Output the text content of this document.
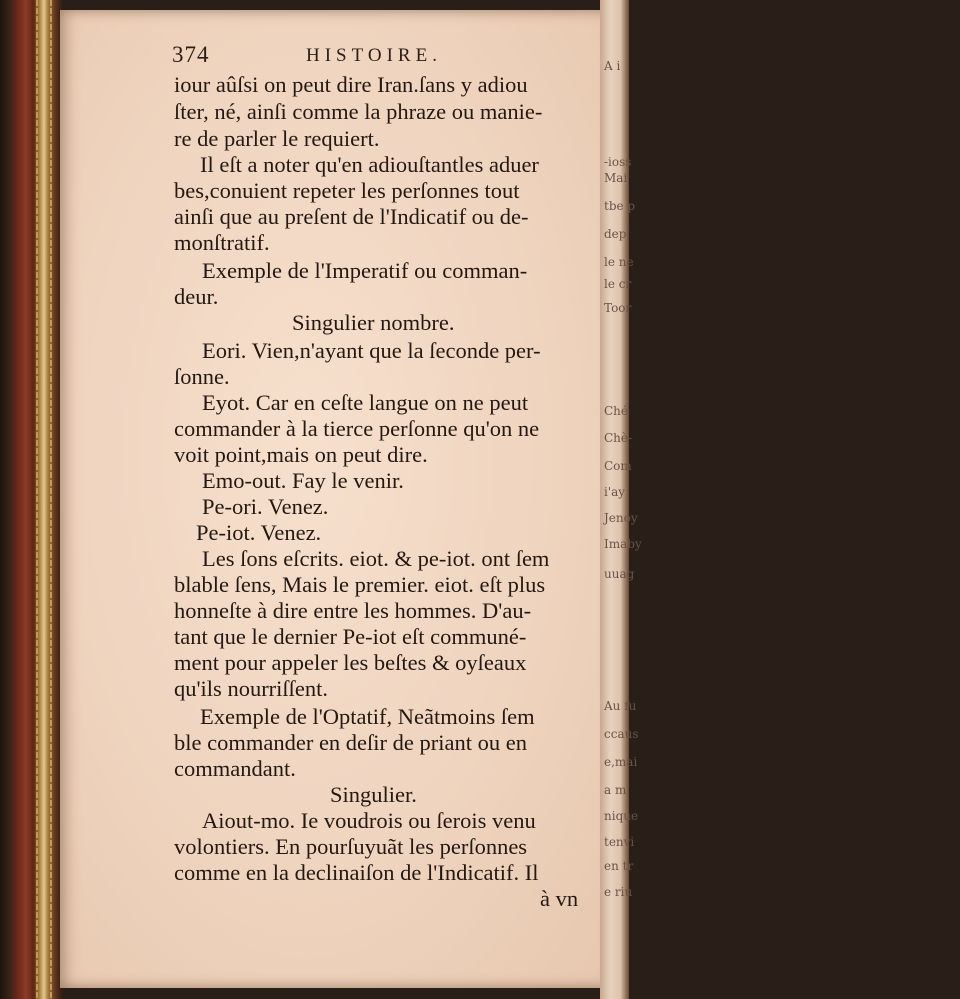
A i
-ioss
Mai
tbe p
dep
le ne
le cr
Toor
Ché
Chè-
Com
i'ay
Jenoy
Imaby
uuag
Au fu
ccaus
e,mai
a m
nique
tenvi
en tr
e riu
374	HISTOIRE.
iour aûſsi on peut dire Iran.ſans y adiou
ſter, né, ainſi comme la phraze ou manie-
re de parler le requiert.
Il eſt a noter qu'en adiouſtantles aduer
bes,conuient repeter les perſonnes tout
ainſi que au preſent de l'Indicatif ou de-
monſtratif.
Exemple de l'Imperatif ou comman-
deur.
Singulier nombre.
Eori. Vien,n'ayant que la ſeconde per-
ſonne.
Eyot. Car en ceſte langue on ne peut
commander à la tierce perſonne qu'on ne
voit point,mais on peut dire.
Emo-out. Fay le venir.
Pe-ori. Venez.
Pe-iot. Venez.
Les ſons eſcrits. eiot. & pe-iot. ont ſem
blable ſens, Mais le premier. eiot. eſt plus
honneſte à dire entre les hommes. D'au-
tant que le dernier Pe-iot eſt communé-
ment pour appeler les beſtes & oyſeaux
qu'ils nourriſſent.
Exemple de l'Optatif, Neãtmoins ſem
ble commander en deſir de priant ou en
commandant.
Singulier.
Aiout-mo. Ie voudrois ou ſerois venu
volontiers. En pourſuyuãt les perſonnes
comme en la declinaiſon de l'Indicatif. Il
à vn
